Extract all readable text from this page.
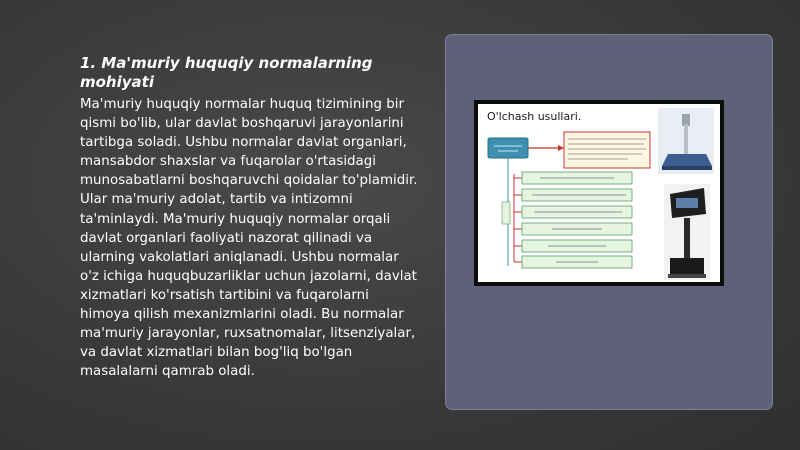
1. Ma'muriy huquqiy normalarning mohiyati
Ma'muriy huquqiy normalar huquq tizimining bir qismi bo'lib, ular davlat boshqaruvi jarayonlarini tartibga soladi. Ushbu normalar davlat organlari, mansabdor shaxslar va fuqarolar o'rtasidagi munosabatlarni boshqaruvchi qoidalar to'plamidir. Ular ma'muriy adolat, tartib va intizomni ta'minlaydi. Ma'muriy huquqiy normalar orqali davlat organlari faoliyati nazorat qilinadi va ularning vakolatlari aniqlanadi. Ushbu normalar o'z ichiga huquqbuzarliklar uchun jazolarni, davlat xizmatlari ko'rsatish tartibini va fuqarolarni himoya qilish mexanizmlarini oladi. Bu normalar ma'muriy jarayonlar, ruxsatnomalar, litsenziyalar, va davlat xizmatlari bilan bog'liq bo'lgan masalalarni qamrab oladi.
O'lchash usullari.
